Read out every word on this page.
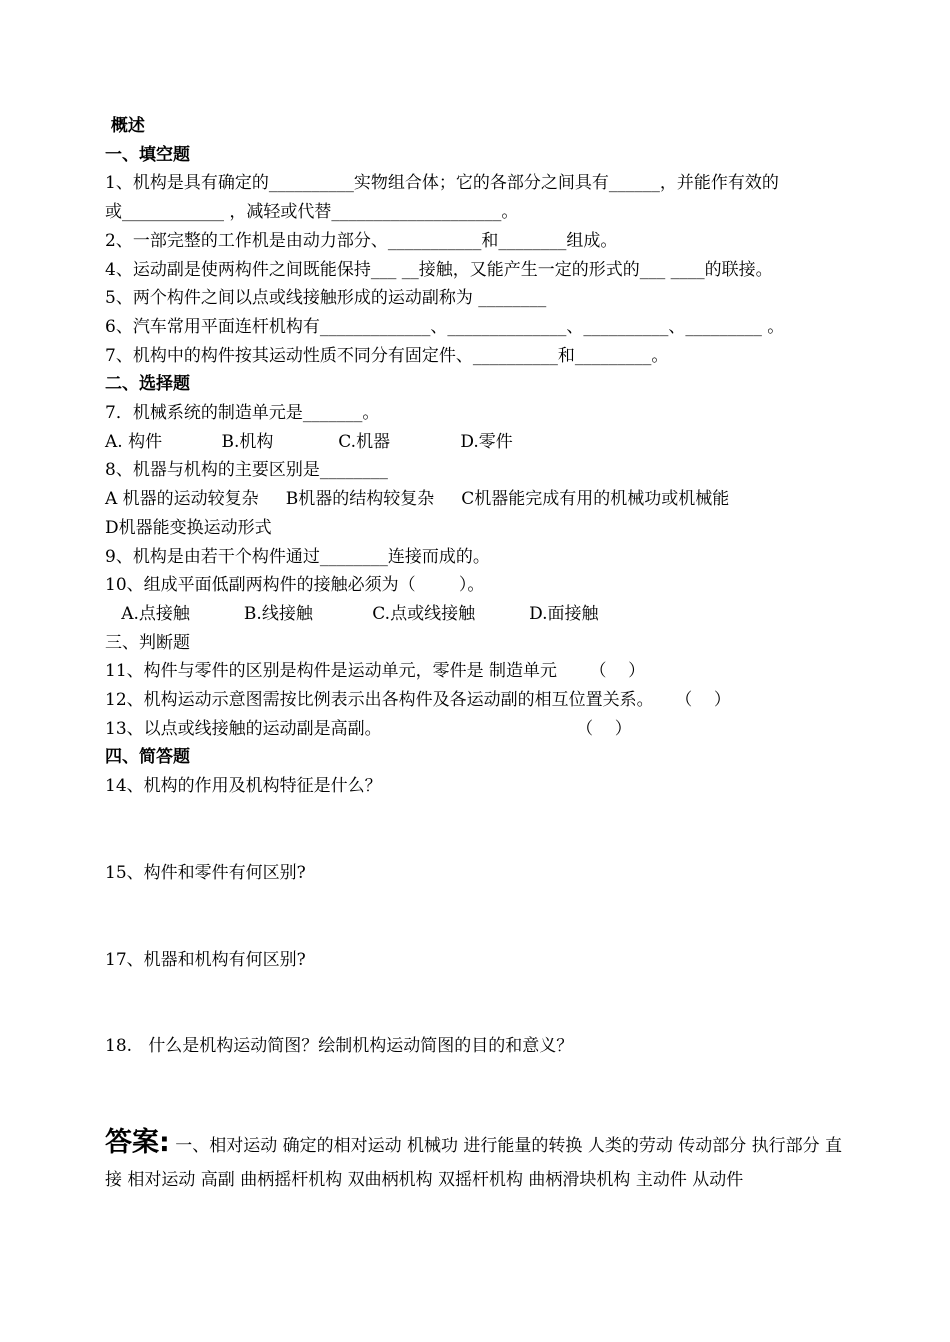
概述
一、填空题
1、机构是具有确定的__________实物组合体；它的各部分之间具有______，并能作有效的
或____________ ，减轻或代替____________________。
2、一部完整的工作机是由动力部分、___________和________组成。
4、运动副是使两构件之间既能保持___ __接触，又能产生一定的形式的___ ____的联接。
5、两个构件之间以点或线接触形成的运动副称为 ________
6、汽车常用平面连杆机构有_____________、______________、__________、_________ 。
7、机构中的构件按其运动性质不同分有固定件、__________和_________。
二、选择题
7．机械系统的制造单元是_______。
A. 构件           B.机构            C.机器             D.零件
8、机器与机构的主要区别是________
A 机器的运动较复杂     B机器的结构较复杂     C机器能完成有用的机械功或机械能
D机器能变换运动形式
9、机构是由若干个构件通过________连接而成的。
10、组成平面低副两构件的接触必须为（        ）。
A.点接触          B.线接触           C.点或线接触          D.面接触
三、判断题
11、构件与零件的区别是构件是运动单元，零件是 制造单元      （    ）
12、机构运动示意图需按比例表示出各构件及各运动副的相互位置关系。    （    ）
13、以点或线接触的运动副是高副。                                    （    ）
四、简答题
14、机构的作用及机构特征是什么？
15、构件和零件有何区别?
17、机器和机构有何区别?
18.   什么是机构运动简图？绘制机构运动简图的目的和意义？
答案: 一、相对运动 确定的相对运动 机械功 进行能量的转换 人类的劳动 传动部分 执行部分 直接 相对运动 高副 曲柄摇杆机构 双曲柄机构 双摇杆机构 曲柄滑块机构 主动件 从动件
